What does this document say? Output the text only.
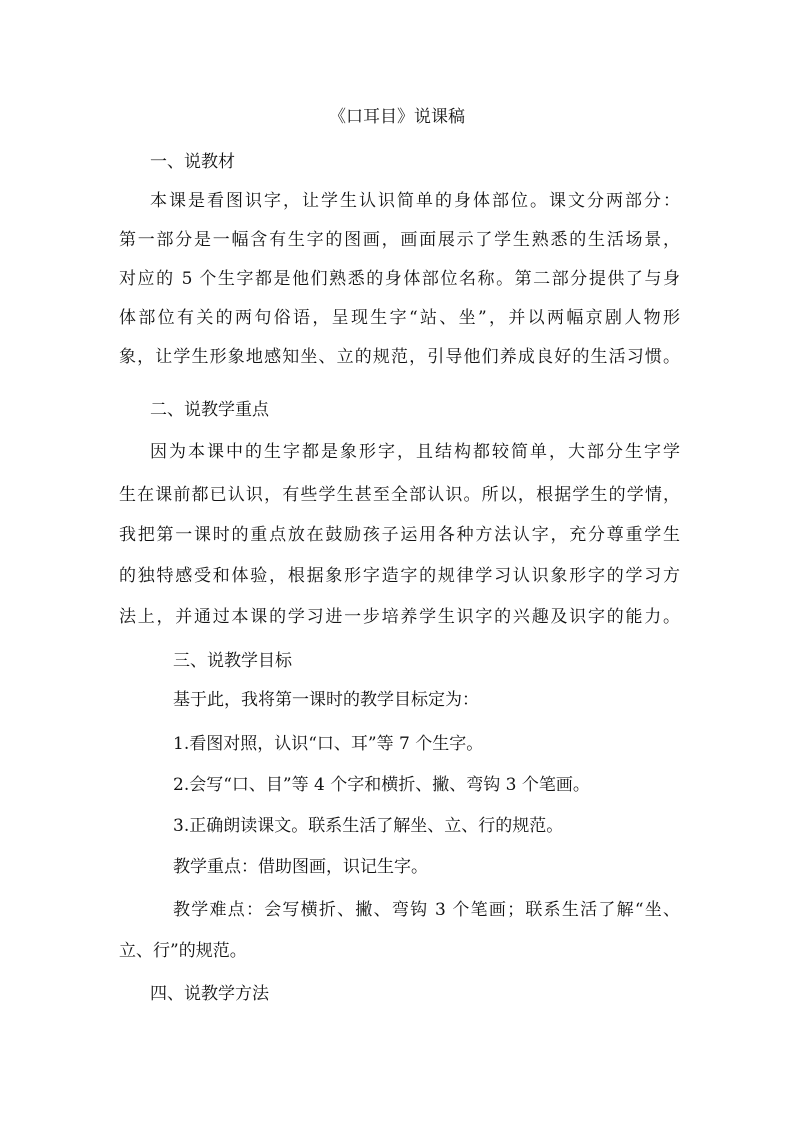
《口耳目》说课稿

一、说教材

本课是看图识字，让学生认识简单的身体部位。课文分两部分：

第一部分是一幅含有生字的图画，画面展示了学生熟悉的生活场景，

对应的 5 个生字都是他们熟悉的身体部位名称。第二部分提供了与身

体部位有关的两句俗语，呈现生字“站、坐”，并以两幅京剧人物形

象，让学生形象地感知坐、立的规范，引导他们养成良好的生活习惯。

二、说教学重点

因为本课中的生字都是象形字，且结构都较简单，大部分生字学

生在课前都已认识，有些学生甚至全部认识。所以，根据学生的学情，

我把第一课时的重点放在鼓励孩子运用各种方法认字，充分尊重学生

的独特感受和体验，根据象形字造字的规律学习认识象形字的学习方

法上，并通过本课的学习进一步培养学生识字的兴趣及识字的能力。

三、说教学目标

基于此，我将第一课时的教学目标定为：

1.看图对照，认识“口、耳”等 7 个生字。

2.会写“口、目”等 4 个字和横折、撇、弯钩 3 个笔画。

3.正确朗读课文。联系生活了解坐、立、行的规范。

教学重点：借助图画，识记生字。

教学难点：会写横折、撇、弯钩 3 个笔画；联系生活了解“坐、

立、行”的规范。

四、说教学方法
